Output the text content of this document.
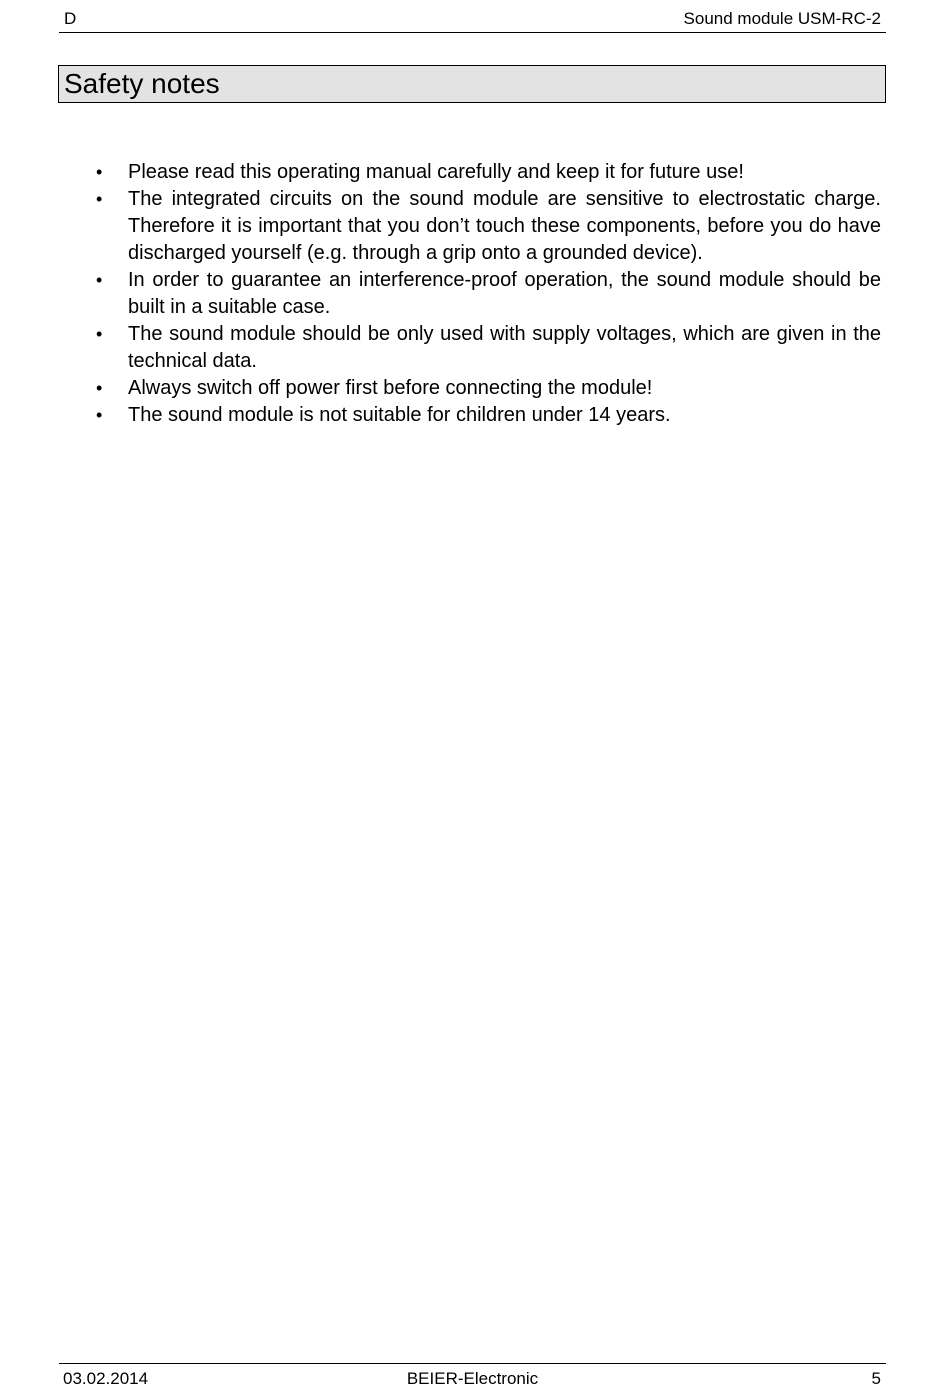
D	Sound module USM-RC-2
Safety notes
•	Please read this operating manual carefully and keep it for future use!
•	The integrated circuits on the sound module are sensitive to electrostatic charge. Therefore it is important that you don’t touch these components, before you do have discharged yourself (e.g. through a grip onto a grounded device).
•	In order to guarantee an interference-proof operation, the sound module should be built in a suitable case.
•	The sound module should be only used with supply voltages, which are given in the technical data.
•	Always switch off power first before connecting the module!
•	The sound module is not suitable for children under 14 years.
03.02.2014	BEIER-Electronic	5
